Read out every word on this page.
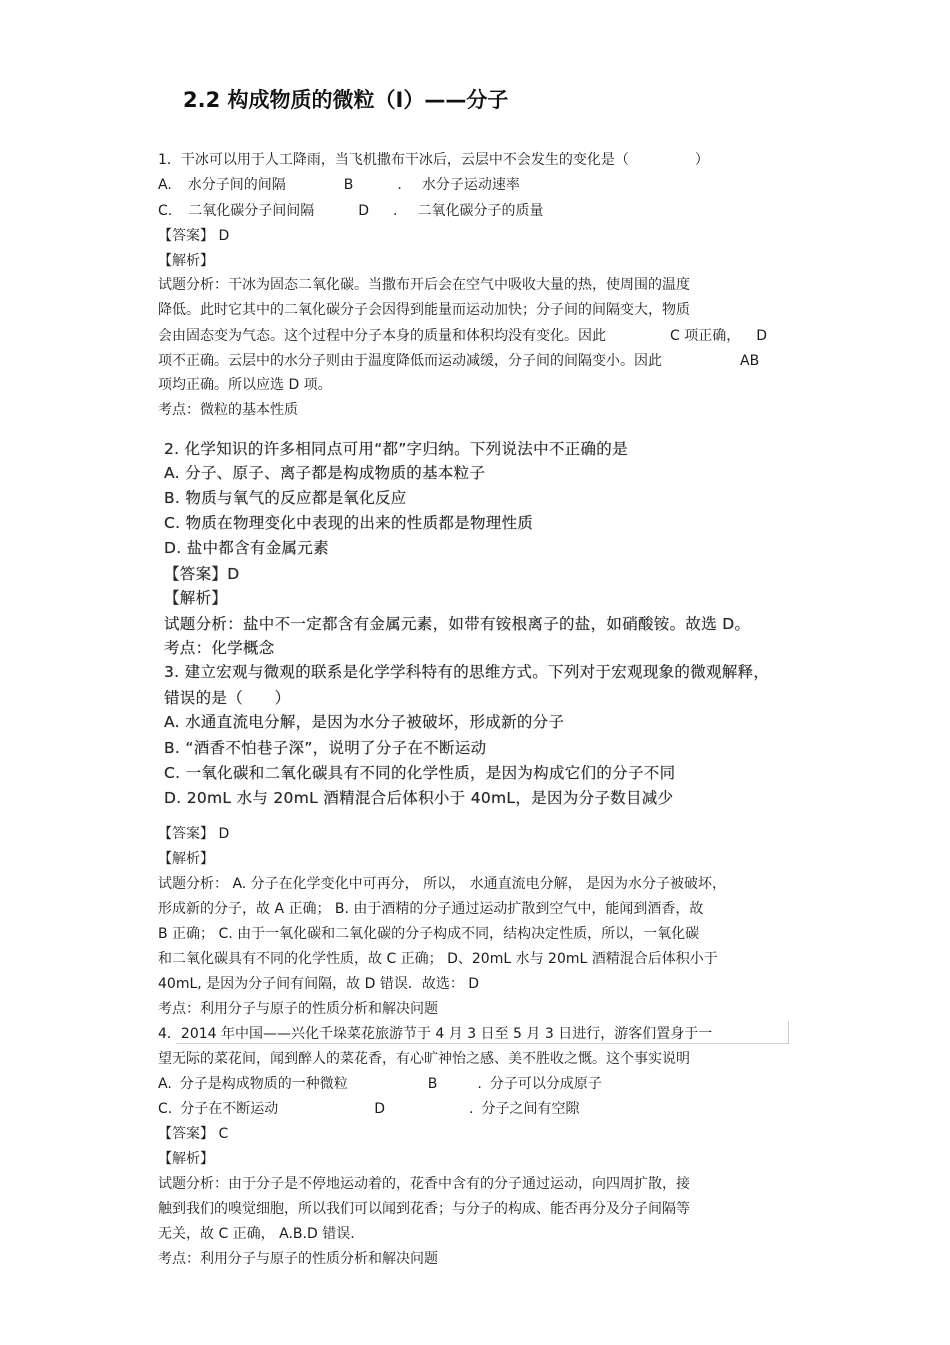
2.2 构成物质的微粒（Ⅰ）——分子
1．干冰可以用于人工降雨，当飞机撒布干冰后，云层中不会发生的变化是（	）
A. 水分子间的间隔	B	. 水分子运动速率
C. 二氧化碳分子间间隔	D . 二氧化碳分子的质量
【答案】 D
【解析】
试题分析：干冰为固态二氧化碳。当撒布开后会在空气中吸收大量的热，使周围的温度
降低。此时它其中的二氧化碳分子会因得到能量而运动加快；分子间的间隔变大，物质
会由固态变为气态。这个过程中分子本身的质量和体积均没有变化。因此	C 项正确， D
项不正确。云层中的水分子则由于温度降低而运动减缓，分子间的间隔变小。因此	AB
项均正确。所以应选 D 项。
考点：微粒的基本性质
2. 化学知识的许多相同点可用“都”字归纳。下列说法中不正确的是
A. 分子、原子、离子都是构成物质的基本粒子
B. 物质与氧气的反应都是氧化反应
C. 物质在物理变化中表现的出来的性质都是物理性质
D. 盐中都含有金属元素
【答案】D
【解析】
试题分析：盐中不一定都含有金属元素，如带有铵根离子的盐，如硝酸铵。故选 D。
考点：化学概念
3. 建立宏观与微观的联系是化学学科特有的思维方式。下列对于宏观现象的微观解释，
错误的是（　　）
A. 水通直流电分解，是因为水分子被破坏，形成新的分子
B. “酒香不怕巷子深”，说明了分子在不断运动
C. 一氧化碳和二氧化碳具有不同的化学性质，是因为构成它们的分子不同
D. 20mL 水与 20mL 酒精混合后体积小于 40mL，是因为分子数目减少
【答案】 D
【解析】
试题分析： A. 分子在化学变化中可再分， 所以， 水通直流电分解， 是因为水分子被破坏，
形成新的分子，故 A 正确； B. 由于酒精的分子通过运动扩散到空气中，能闻到酒香，故
B 正确； C. 由于一氧化碳和二氧化碳的分子构成不同，结构决定性质，所以，一氧化碳
和二氧化碳具有不同的化学性质，故 C 正确； D、20mL 水与 20mL 酒精混合后体积小于
40mL, 是因为分子间有间隔，故 D 错误．故选： D
考点：利用分子与原子的性质分析和解决问题
4．2014 年中国——兴化千垛菜花旅游节于 4 月 3 日至 5 月 3 日进行，游客们置身于一
望无际的菜花间，闻到醉人的菜花香，有心旷神怡之感、美不胜收之慨。这个事实说明
A. 分子是构成物质的一种微粒	B	. 分子可以分成原子
C. 分子在不断运动	D	. 分子之间有空隙
【答案】 C
【解析】
试题分析：由于分子是不停地运动着的，花香中含有的分子通过运动，向四周扩散，接
触到我们的嗅觉细胞，所以我们可以闻到花香；与分子的构成、能否再分及分子间隔等
无关，故 C 正确， A.B.D 错误.
考点：利用分子与原子的性质分析和解决问题
